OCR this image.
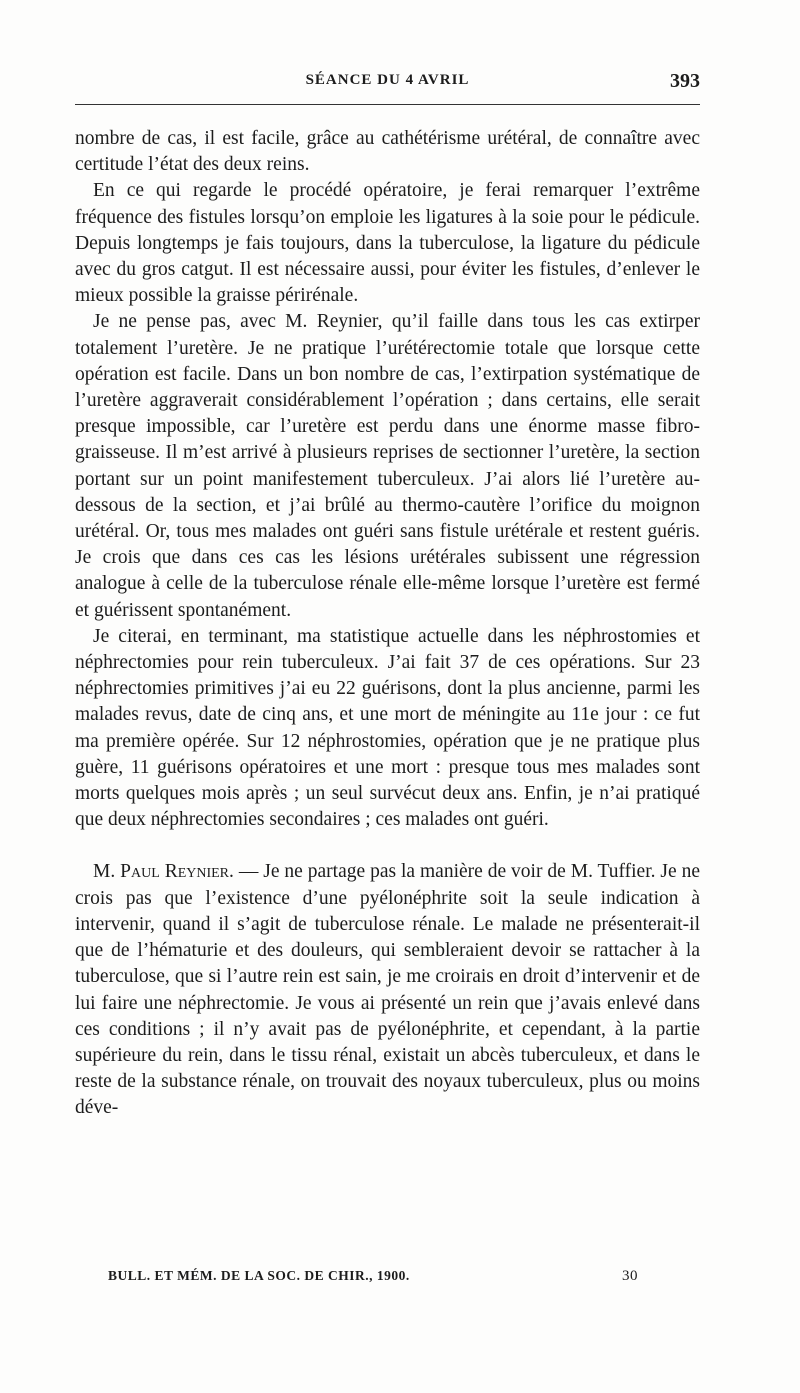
SÉANCE DU 4 AVRIL	393

nombre de cas, il est facile, grâce au cathétérisme urétéral, de connaître avec certitude l’état des deux reins.

En ce qui regarde le procédé opératoire, je ferai remarquer l’extrême fréquence des fistules lorsqu’on emploie les ligatures à la soie pour le pédicule. Depuis longtemps je fais toujours, dans la tuberculose, la ligature du pédicule avec du gros catgut. Il est nécessaire aussi, pour éviter les fistules, d’enlever le mieux possible la graisse périrénale.

Je ne pense pas, avec M. Reynier, qu’il faille dans tous les cas extirper totalement l’uretère. Je ne pratique l’urétérectomie totale que lorsque cette opération est facile. Dans un bon nombre de cas, l’extirpation systématique de l’uretère aggraverait considérablement l’opération ; dans certains, elle serait presque impossible, car l’uretère est perdu dans une énorme masse fibro-graisseuse. Il m’est arrivé à plusieurs reprises de sectionner l’uretère, la section portant sur un point manifestement tuberculeux. J’ai alors lié l’uretère au-dessous de la section, et j’ai brûlé au thermo-cautère l’orifice du moignon urétéral. Or, tous mes malades ont guéri sans fistule urétérale et restent guéris. Je crois que dans ces cas les lésions urétérales subissent une régression analogue à celle de la tuberculose rénale elle-même lorsque l’uretère est fermé et guérissent spontanément.

Je citerai, en terminant, ma statistique actuelle dans les néphrostomies et néphrectomies pour rein tuberculeux. J’ai fait 37 de ces opérations. Sur 23 néphrectomies primitives j’ai eu 22 guérisons, dont la plus ancienne, parmi les malades revus, date de cinq ans, et une mort de méningite au 11e jour : ce fut ma première opérée. Sur 12 néphrostomies, opération que je ne pratique plus guère, 11 guérisons opératoires et une mort : presque tous mes malades sont morts quelques mois après ; un seul survécut deux ans. Enfin, je n’ai pratiqué que deux néphrectomies secondaires ; ces malades ont guéri.

M. Paul Reynier. — Je ne partage pas la manière de voir de M. Tuffier. Je ne crois pas que l’existence d’une pyélonéphrite soit la seule indication à intervenir, quand il s’agit de tuberculose rénale. Le malade ne présenterait-il que de l’hématurie et des douleurs, qui sembleraient devoir se rattacher à la tuberculose, que si l’autre rein est sain, je me croirais en droit d’intervenir et de lui faire une néphrectomie. Je vous ai présenté un rein que j’avais enlevé dans ces conditions ; il n’y avait pas de pyélonéphrite, et cependant, à la partie supérieure du rein, dans le tissu rénal, existait un abcès tuberculeux, et dans le reste de la substance rénale, on trouvait des noyaux tuberculeux, plus ou moins déve-

BULL. ET MÉM. DE LA SOC. DE CHIR., 1900.	30
